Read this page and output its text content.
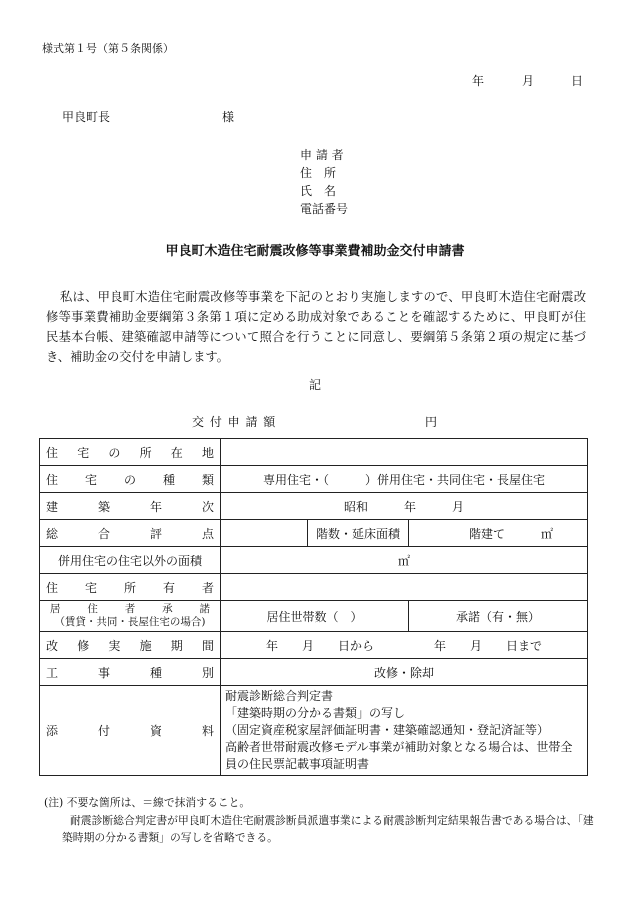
様式第１号（第５条関係）
年	月	日
甲良町長	様
申 請 者
住　所
氏　名
電話番号
甲良町木造住宅耐震改修等事業費補助金交付申請書
私は、甲良町木造住宅耐震改修等事業を下記のとおり実施しますので、甲良町木造住宅耐震改修等事業費補助金要綱第３条第１項に定める助成対象であることを確認するために、甲良町が住民基本台帳、建築確認申請等について照合を行うことに同意し、要綱第５条第２項の規定に基づき、補助金の交付を申請します。
記
交 付 申 請 額	円
住宅の所在地			
住宅の種類	専用住宅・（　　　）併用住宅・共同住宅・長屋住宅		
建築年次	昭和　　　年　　　月		
総合評点		階数・延床面積	階建て　　　㎡
併用住宅の住宅以外の面積	㎡		
住宅所有者			

居住者承諾
（賃貸・共同・長屋住宅の場合)	居住世帯数（　）		承諾（有・無）
改修実施期間	年　　月　　日から　　　　　年　　月　　日まで		
工事種別	改修・除却		
添付資料	耐震診断総合判定書
「建築時期の分かる書類」の写し
（固定資産税家屋評価証明書・建築確認通知・登記済証等）
高齢者世帯耐震改修モデル事業が補助対象となる場合は、世帯全員の住民票記載事項証明書		
(注) 不要な箇所は、＝線で抹消すること。
耐震診断総合判定書が甲良町木造住宅耐震診断員派遣事業による耐震診断判定結果報告書である場合は、「建築時期の分かる書類」の写しを省略できる。
